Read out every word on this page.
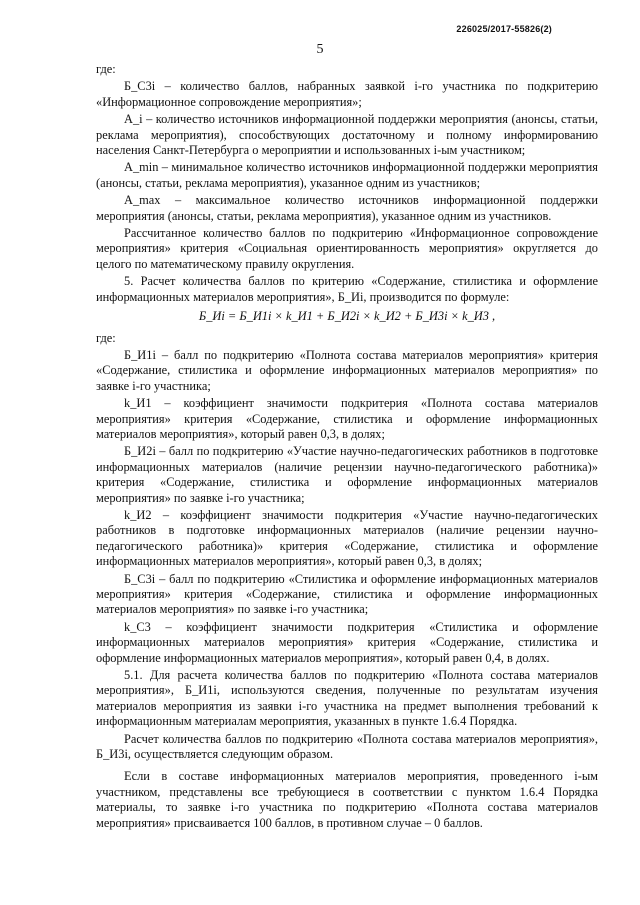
226025/2017-55826(2)
5

где:

Б_С3i – количество баллов, набранных заявкой i-го участника по подкритерию «Информационное сопровождение мероприятия»;

A_i – количество источников информационной поддержки мероприятия (анонсы, статьи, реклама мероприятия), способствующих достаточному и полному информированию населения Санкт-Петербурга о мероприятии и использованных i-ым участником;

A_min – минимальное количество источников информационной поддержки мероприятия (анонсы, статьи, реклама мероприятия), указанное одним из участников;

A_max – максимальное количество источников информационной поддержки мероприятия (анонсы, статьи, реклама мероприятия), указанное одним из участников.

Рассчитанное количество баллов по подкритерию «Информационное сопровождение мероприятия» критерия «Социальная ориентированность мероприятия» округляется до целого по математическому правилу округления.

5. Расчет количества баллов по критерию «Содержание, стилистика и оформление информационных материалов мероприятия», Б_Иi, производится по формуле:

Б_Иi = Б_И1i × k_И1 + Б_И2i × k_И2 + Б_И3i × k_И3 ,

где:

Б_И1i – балл по подкритерию «Полнота состава материалов мероприятия» критерия «Содержание, стилистика и оформление информационных материалов мероприятия» по заявке i-го участника;

k_И1 – коэффициент значимости подкритерия «Полнота состава материалов мероприятия» критерия «Содержание, стилистика и оформление информационных материалов мероприятия», который равен 0,3, в долях;

Б_И2i – балл по подкритерию «Участие научно-педагогических работников в подготовке информационных материалов (наличие рецензии научно-педагогического работника)» критерия «Содержание, стилистика и оформление информационных материалов мероприятия» по заявке i-го участника;

k_И2 – коэффициент значимости подкритерия «Участие научно-педагогических работников в подготовке информационных материалов (наличие рецензии научно-педагогического работника)» критерия «Содержание, стилистика и оформление информационных материалов мероприятия», который равен 0,3, в долях;

Б_С3i – балл по подкритерию «Стилистика и оформление информационных материалов мероприятия» критерия «Содержание, стилистика и оформление информационных материалов мероприятия» по заявке i-го участника;

k_С3 – коэффициент значимости подкритерия «Стилистика и оформление информационных материалов мероприятия» критерия «Содержание, стилистика и оформление информационных материалов мероприятия», который равен 0,4, в долях.

5.1. Для расчета количества баллов по подкритерию «Полнота состава материалов мероприятия», Б_И1i, используются сведения, полученные по результатам изучения материалов мероприятия из заявки i-го участника на предмет выполнения требований к информационным материалам мероприятия, указанных в пункте 1.6.4 Порядка.

Расчет количества баллов по подкритерию «Полнота состава материалов мероприятия», Б_И3i, осуществляется следующим образом.

Если в составе информационных материалов мероприятия, проведенного i-ым участником, представлены все требующиеся в соответствии с пунктом 1.6.4 Порядка материалы, то заявке i-го участника по подкритерию «Полнота состава материалов мероприятия» присваивается 100 баллов, в противном случае – 0 баллов.
